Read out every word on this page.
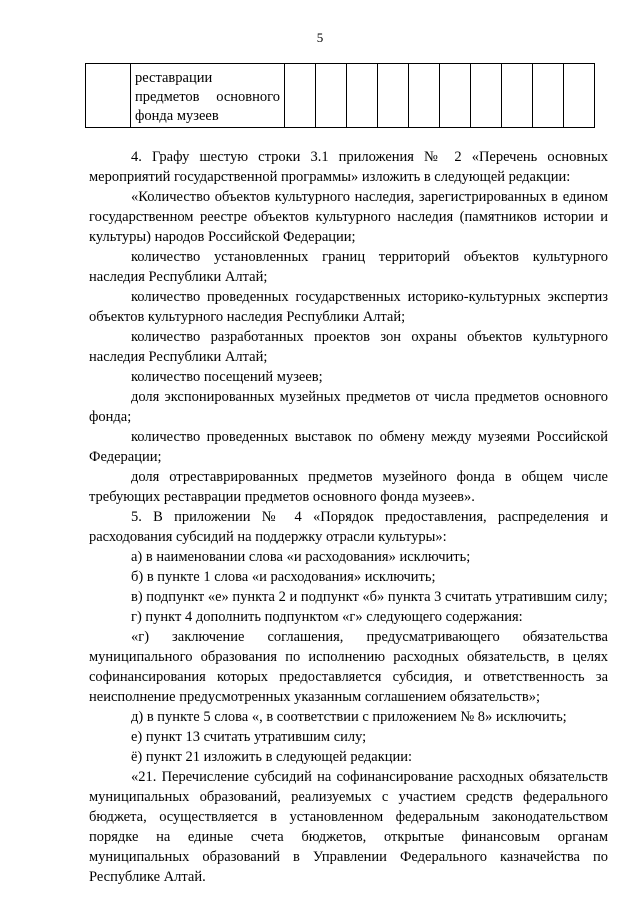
5

реставрации
предметов основного
фонда музеев

4. Графу шестую строки 3.1 приложения № 2 «Перечень основных мероприятий государственной программы» изложить в следующей редакции:

«Количество объектов культурного наследия, зарегистрированных в едином государственном реестре объектов культурного наследия (памятников истории и культуры) народов Российской Федерации;

количество установленных границ территорий объектов культурного наследия Республики Алтай;

количество проведенных государственных историко-культурных экспертиз объектов культурного наследия Республики Алтай;

количество разработанных проектов зон охраны объектов культурного наследия Республики Алтай;

количество посещений музеев;

доля экспонированных музейных предметов от числа предметов основного фонда;

количество проведенных выставок по обмену между музеями Российской Федерации;

доля отреставрированных предметов музейного фонда в общем числе требующих реставрации предметов основного фонда музеев».

5. В приложении № 4 «Порядок предоставления, распределения и расходования субсидий на поддержку отрасли культуры»:

а) в наименовании слова «и расходования» исключить;

б) в пункте 1 слова «и расходования» исключить;

в) подпункт «е» пункта 2 и подпункт «б» пункта 3 считать утратившим силу;

г) пункт 4 дополнить подпунктом «г» следующего содержания:

«г) заключение соглашения, предусматривающего обязательства муниципального образования по исполнению расходных обязательств, в целях софинансирования которых предоставляется субсидия, и ответственность за неисполнение предусмотренных указанным соглашением обязательств»;

д) в пункте 5 слова «, в соответствии с приложением № 8» исключить;

е) пункт 13 считать утратившим силу;

ё) пункт 21 изложить в следующей редакции:

«21. Перечисление субсидий на софинансирование расходных обязательств муниципальных образований, реализуемых с участием средств федерального бюджета, осуществляется в установленном федеральным законодательством порядке на единые счета бюджетов, открытые финансовым органам муниципальных образований в Управлении Федерального казначейства по Республике Алтай.
